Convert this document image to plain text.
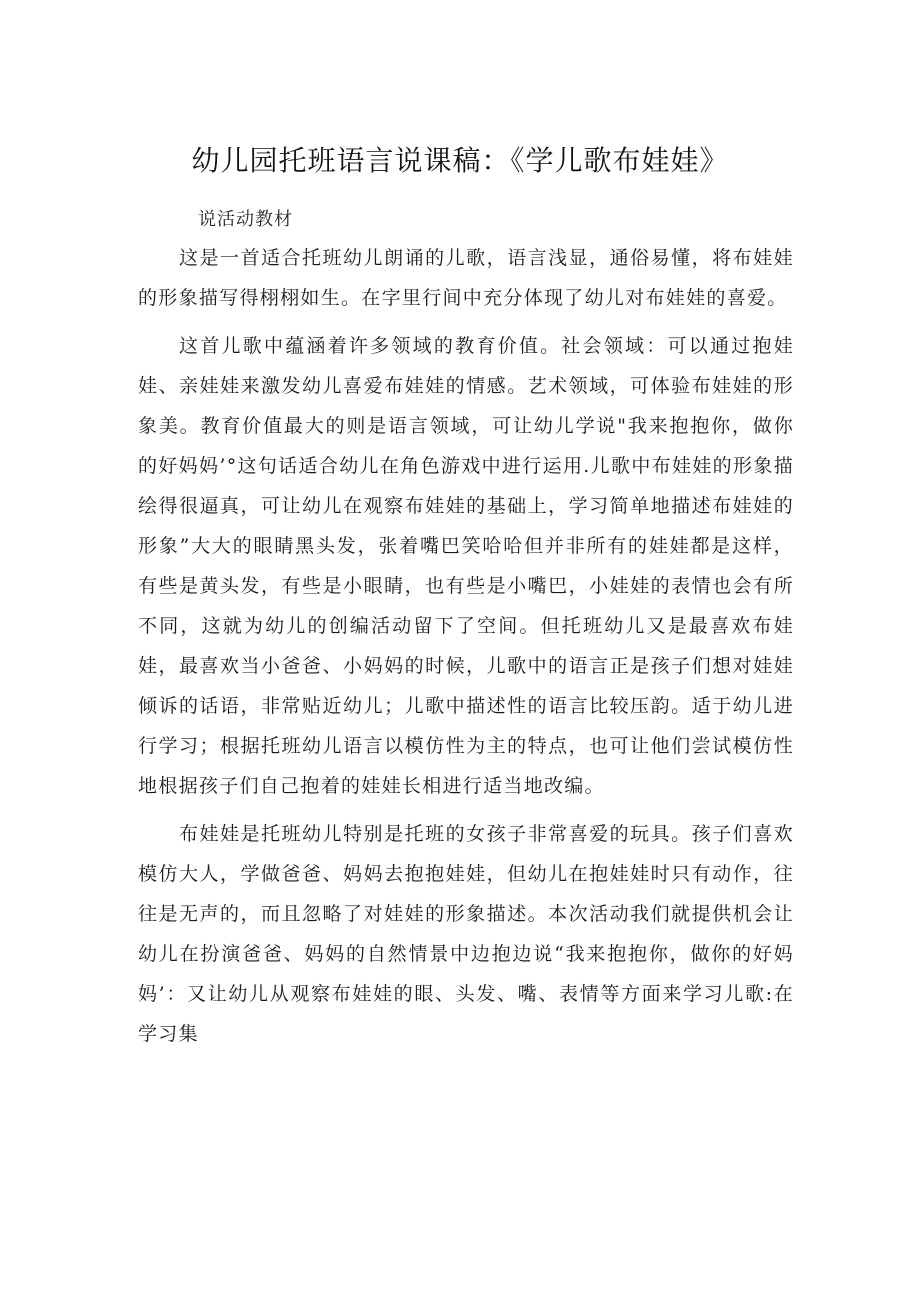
幼儿园托班语言说课稿：《学儿歌布娃娃》
说活动教材

这是一首适合托班幼儿朗诵的儿歌，语言浅显，通俗易懂，将布娃娃的形象描写得栩栩如生。在字里行间中充分体现了幼儿对布娃娃的喜爱。

这首儿歌中蕴涵着许多领域的教育价值。社会领域：可以通过抱娃娃、亲娃娃来激发幼儿喜爱布娃娃的情感。艺术领域，可体验布娃娃的形象美。教育价值最大的则是语言领域，可让幼儿学说"我来抱抱你，做你的好妈妈’°这句话适合幼儿在角色游戏中进行运用.儿歌中布娃娃的形象描绘得很逼真，可让幼儿在观察布娃娃的基础上，学习简单地描述布娃娃的形象”大大的眼睛黑头发，张着嘴巴笑哈哈但并非所有的娃娃都是这样，有些是黄头发，有些是小眼睛，也有些是小嘴巴，小娃娃的表情也会有所不同，这就为幼儿的创编活动留下了空间。但托班幼儿又是最喜欢布娃娃，最喜欢当小爸爸、小妈妈的时候，儿歌中的语言正是孩子们想对娃娃倾诉的话语，非常贴近幼儿；儿歌中描述性的语言比较压韵。适于幼儿进行学习；根据托班幼儿语言以模仿性为主的特点，也可让他们尝试模仿性地根据孩子们自己抱着的娃娃长相进行适当地改编。

布娃娃是托班幼儿特别是托班的女孩子非常喜爱的玩具。孩子们喜欢模仿大人，学做爸爸、妈妈去抱抱娃娃，但幼儿在抱娃娃时只有动作，往往是无声的，而且忽略了对娃娃的形象描述。本次活动我们就提供机会让幼儿在扮演爸爸、妈妈的自然情景中边抱边说“我来抱抱你，做你的好妈妈’：又让幼儿从观察布娃娃的眼、头发、嘴、表情等方面来学习儿歌:在学习集
